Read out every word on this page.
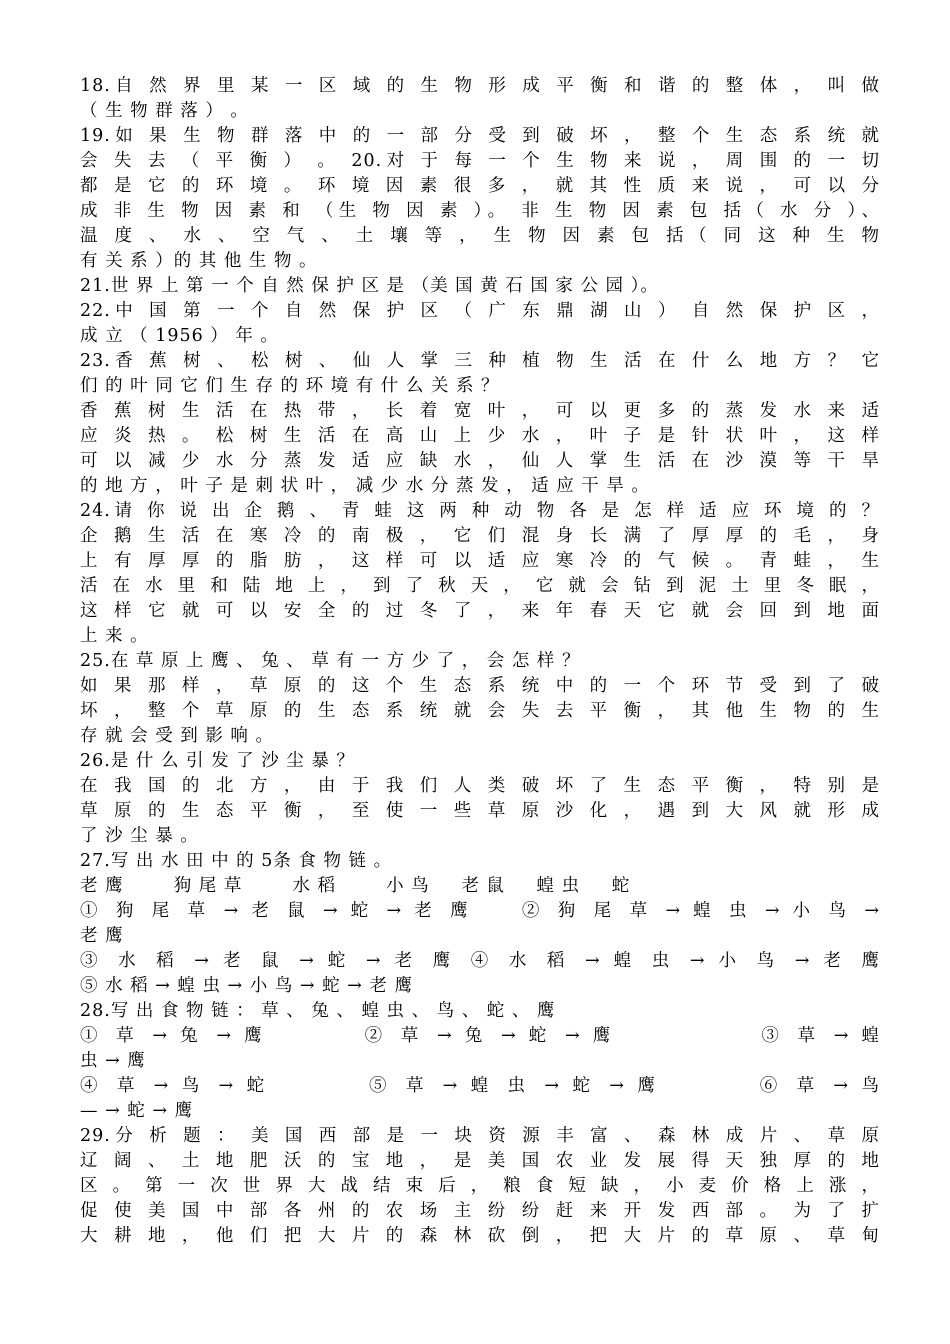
18.自 然 界 里 某 一 区 域 的 生 物 形 成 平 衡 和 谐 的 整 体 ， 叫 做
（ 生 物 群 落 ） 。
19.如 果 生 物 群 落 中 的 一 部 分 受 到 破 坏 ， 整 个 生 态 系 统 就
会 失 去 （ 平 衡 ） 。 20.对 于 每 一 个 生 物 来 说 ， 周 围 的 一 切
都 是 它 的 环 境 。 环 境 因 素 很 多 ， 就 其 性 质 来 说 ， 可 以 分
成 非 生 物 因 素 和 （生 物 因 素 ）。 非 生 物 因 素 包 括（ 水 分 ）、
温 度 、 水 、 空 气 、 土 壤 等 ， 生 物 因 素 包 括（ 同 这 种 生 物
有 关 系 ）的 其 他 生 物 。
21.世 界 上 第 一 个 自 然 保 护 区 是 （美 国 黄 石 国 家 公 园 ）。
22.中 国 第 一 个 自 然 保 护 区 （ 广 东 鼎 湖 山 ） 自 然 保 护 区 ，
成 立 （ 1956 ） 年 。
23.香 蕉 树 、 松 树 、 仙 人 掌 三 种 植 物 生 活 在 什 么 地 方 ？ 它
们 的 叶 同 它 们 生 存 的 环 境 有 什 么 关 系 ？
香 蕉 树 生 活 在 热 带 ， 长 着 宽 叶 ， 可 以 更 多 的 蒸 发 水 来 适
应 炎 热 。 松 树 生 活 在 高 山 上 少 水 ， 叶 子 是 针 状 叶 ， 这 样
可 以 减 少 水 分 蒸 发 适 应 缺 水 ， 仙 人 掌 生 活 在 沙 漠 等 干 旱
的 地 方 ， 叶 子 是 刺 状 叶 ， 减 少 水 分 蒸 发 ， 适 应 干 旱 。
24.请 你 说 出 企 鹅 、 青 蛙 这 两 种 动 物 各 是 怎 样 适 应 环 境 的 ？
企 鹅 生 活 在 寒 冷 的 南 极 ， 它 们 混 身 长 满 了 厚 厚 的 毛 ， 身
上 有 厚 厚 的 脂 肪 ， 这 样 可 以 适 应 寒 冷 的 气 候 。 青 蛙 ， 生
活 在 水 里 和 陆 地 上 ， 到 了 秋 天 ， 它 就 会 钻 到 泥 土 里 冬 眠 ，
这 样 它 就 可 以 安 全 的 过 冬 了 ， 来 年 春 天 它 就 会 回 到 地 面
上 来 。
25.在 草 原 上 鹰 、 兔 、 草 有 一 方 少 了 ， 会 怎 样 ？
如 果 那 样 ， 草 原 的 这 个 生 态 系 统 中 的 一 个 环 节 受 到 了 破
坏 ， 整 个 草 原 的 生 态 系 统 就 会 失 去 平 衡 ， 其 他 生 物 的 生
存 就 会 受 到 影 响 。
26.是 什 么 引 发 了 沙 尘 暴 ？
在 我 国 的 北 方 ， 由 于 我 们 人 类 破 坏 了 生 态 平 衡 ， 特 别 是
草 原 的 生 态 平 衡 ， 至 使 一 些 草 原 沙 化 ， 遇 到 大 风 就 形 成
了 沙 尘 暴 。
27.写 出 水 田 中 的 5条 食 物 链 。
老 鹰 　　 狗 尾 草 　　 水 稻 　　 小 鸟 　 老 鼠 　 蝗 虫 　 蛇
① 狗 尾 草 → 老 鼠 → 蛇 → 老 鹰 　 ② 狗 尾 草 → 蝗 虫 → 小 鸟 →
老 鹰
③ 水 稻 → 老 鼠 → 蛇 → 老 鹰 ④ 水 稻 → 蝗 虫 → 小 鸟 → 老 鹰
⑤ 水 稻 → 蝗 虫 → 小 鸟 → 蛇 → 老 鹰
28.写 出 食 物 链 ： 草 、 兔 、 蝗 虫 、 鸟 、 蛇 、 鹰
① 草 → 兔 → 鹰 　　　 ② 草 → 兔 → 蛇 → 鹰 　　　　　 ③ 草 → 蝗
虫 → 鹰
④ 草 → 鸟 → 蛇 　　　 ⑤ 草 → 蝗 虫 → 蛇 → 鹰 　　　 ⑥ 草 → 鸟
— → 蛇 → 鹰
29.分 析 题 ： 美 国 西 部 是 一 块 资 源 丰 富 、 森 林 成 片 、 草 原
辽 阔 、 土 地 肥 沃 的 宝 地 ， 是 美 国 农 业 发 展 得 天 独 厚 的 地
区 。 第 一 次 世 界 大 战 结 束 后 ， 粮 食 短 缺 ， 小 麦 价 格 上 涨 ，
促 使 美 国 中 部 各 州 的 农 场 主 纷 纷 赶 来 开 发 西 部 。 为 了 扩
大 耕 地 ， 他 们 把 大 片 的 森 林 砍 倒 ， 把 大 片 的 草 原 、 草 甸
